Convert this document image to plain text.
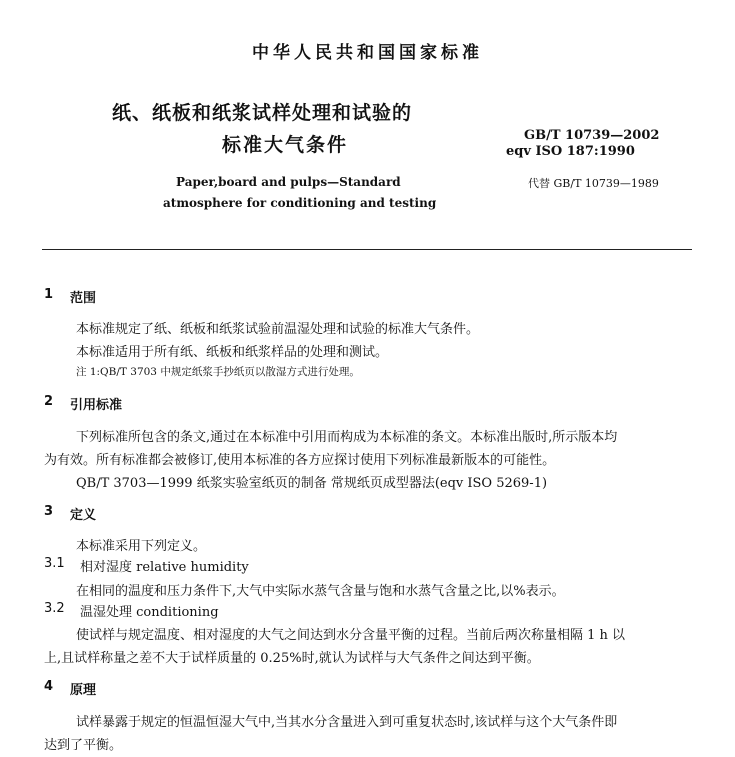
中华人民共和国国家标准
纸、纸板和纸浆试样处理和试验的
标准大气条件	GB/T 10739—2002
eqv ISO 187:1990
代替 GB/T 10739—1989
Paper,board and pulps—Standard
atmosphere for conditioning and testing
1 范围
本标准规定了纸、纸板和纸浆试验前温湿处理和试验的标准大气条件。
本标准适用于所有纸、纸板和纸浆样品的处理和测试。
注 1:QB/T 3703 中规定纸浆手抄纸页以散湿方式进行处理。
2 引用标准
下列标准所包含的条文,通过在本标准中引用而构成为本标准的条文。本标准出版时,所示版本均
为有效。所有标准都会被修订,使用本标准的各方应探讨使用下列标准最新版本的可能性。
QB/T 3703—1999 纸浆实验室纸页的制备 常规纸页成型器法(eqv ISO 5269-1)
3 定义
本标准采用下列定义。
3.1 相对湿度 relative humidity
在相同的温度和压力条件下,大气中实际水蒸气含量与饱和水蒸气含量之比,以%表示。
3.2 温湿处理 conditioning
使试样与规定温度、相对湿度的大气之间达到水分含量平衡的过程。当前后两次称量相隔 1 h 以
上,且试样称量之差不大于试样质量的 0.25%时,就认为试样与大气条件之间达到平衡。
4 原理
试样暴露于规定的恒温恒湿大气中,当其水分含量进入到可重复状态时,该试样与这个大气条件即
达到了平衡。
